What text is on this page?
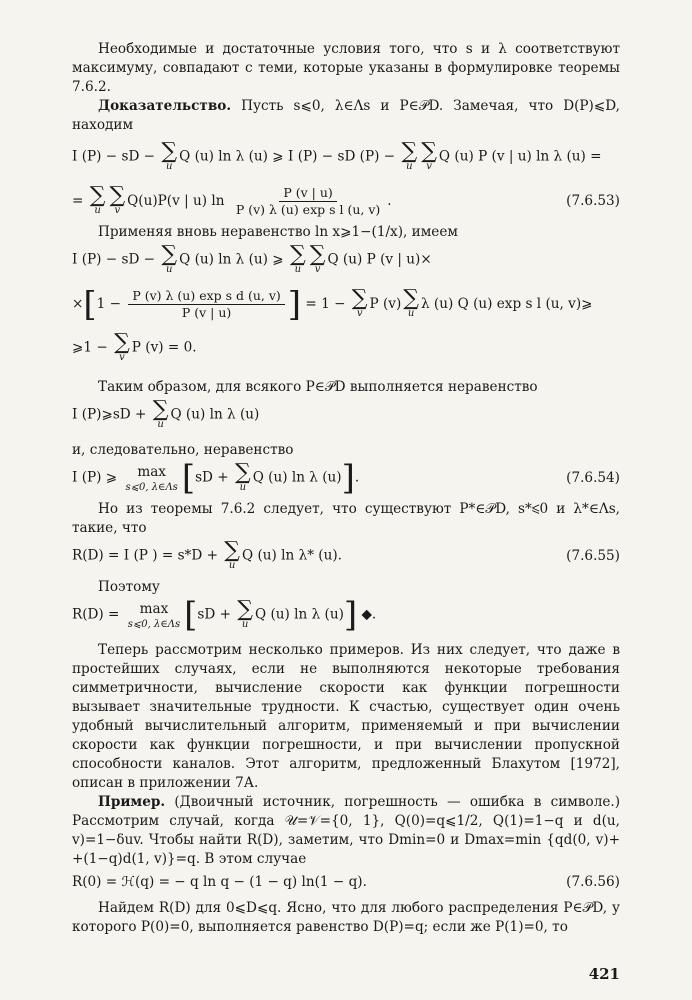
Необходимые и достаточные условия того, что s и λ соответствуют максимуму, совпадают с теми, которые указаны в формулировке теоремы 7.6.2.

Доказательство. Пусть s⩽0, λ∈Λs и P∈𝒫D. Замечая, что D(P)⩽D, находим

I (P) − sD − ∑
u
Q (u) ln λ (u) ⩾ I (P) − sD (P) − ∑
u
∑
v
Q (u) P (v | u) ln λ (u) =
= ∑
u
∑
v
Q(u)P(v | u) $\ln \frac{P (v | u)}{\text{P (v) λ (u) exp s l (u, v)}}$ .	(7.6.53)

Применяя вновь неравенство ln x⩾1−(1/x), имеем

I (P) − sD − ∑
u
Q (u) ln λ (u) ⩾ ∑
u
∑
v
Q (u) P (v | u)×
$\times[1 - \frac{\text{P (v) λ (u) exp s d (u, v)}}{P (v | u)}$ ] = 1 − ∑
v
P (v) ∑
u
λ (u) Q (u) exp s l (u, v)⩾
⩾1 − ∑
v
P (v) = 0.

Таким образом, для всякого P∈𝒫D выполняется неравенство

I (P)⩾sD + ∑
u
Q (u) ln λ (u)

и, следовательно, неравенство

I (P) ⩾ max
s⩽0, λ∈Λs [sD + ∑
u
Q (u) ln λ (u)].	(7.6.54)

Но из теоремы 7.6.2 следует, что существуют P*∈𝒫D, s*⩽0 и λ*∈Λs, такие, что

R(D) = I (P ) = s*D + ∑
u
Q (u) ln λ* (u).	(7.6.55)

Поэтому

R(D) = max
s⩽0, λ∈Λs [sD + ∑
u
Q (u) ln λ (u)] ◆.

Теперь рассмотрим несколько примеров. Из них следует, что даже в простейших случаях, если не выполняются некоторые требования симметричности, вычисление скорости как функции погрешности вызывает значительные трудности. К счастью, существует один очень удобный вычислительный алгоритм, применяемый и при вычислении скорости как функции погрешности, и при вычислении пропускной способности каналов. Этот алгоритм, предложенный Блахутом [1972], описан в приложении 7А.

Пример. (Двоичный источник, погрешность — ошибка в символе.) Рассмотрим случай, когда 𝒰=𝒱={0, 1}, Q(0)=q⩽1/2, Q(1)=1−q и d(u, v)=1−δuv. Чтобы найти R(D), заметим, что Dmin=0 и Dmax=min {qd(0, v)+ +(1−q)d(1, v)}=q. В этом случае

R(0) = ℋ(q) = − q ln q − (1 − q) ln(1 − q).	(7.6.56)

Найдем R(D) для 0⩽D⩽q. Ясно, что для любого распределения P∈𝒫D, у которого P(0)=0, выполняется равенство D(P)=q; если же P(1)=0, то

421
